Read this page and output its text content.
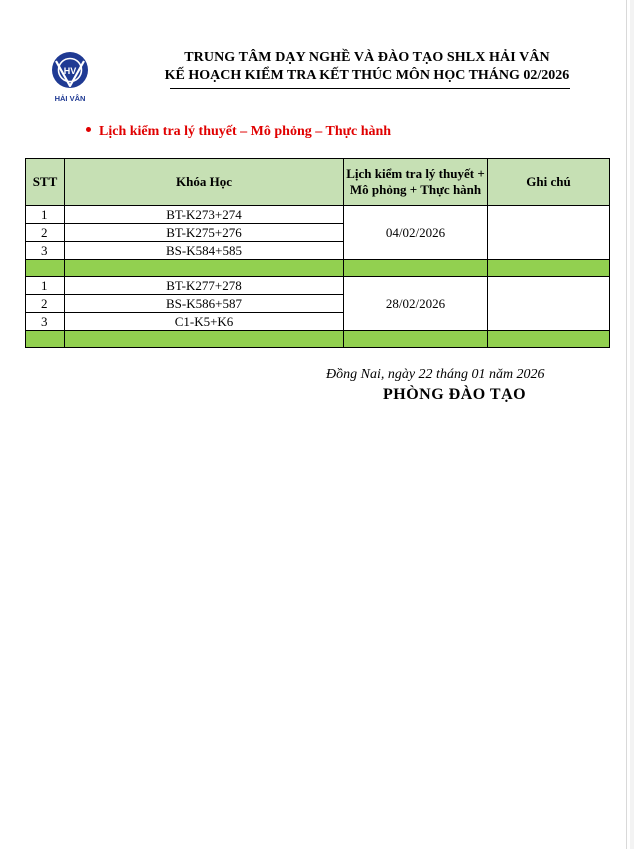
HV
HẢI VÂN
TRUNG TÂM DẠY NGHỀ VÀ ĐÀO TẠO SHLX HẢI VÂN
KẾ HOẠCH KIỂM TRA KẾT THÚC MÔN HỌC THÁNG 02/2026
Lịch kiểm tra lý thuyết – Mô phỏng – Thực hành
STT	Khóa Học	Lịch kiểm tra lý thuyết + Mô phỏng + Thực hành	Ghi chú
1	BT-K273+274	04/02/2026	
2	BT-K275+276		
3	BS-K584+585		

1	BT-K277+278	28/02/2026	
2	BS-K586+587		
3	C1-K5+K6		

Đồng Nai, ngày 22 tháng 01 năm 2026
PHÒNG ĐÀO TẠO
